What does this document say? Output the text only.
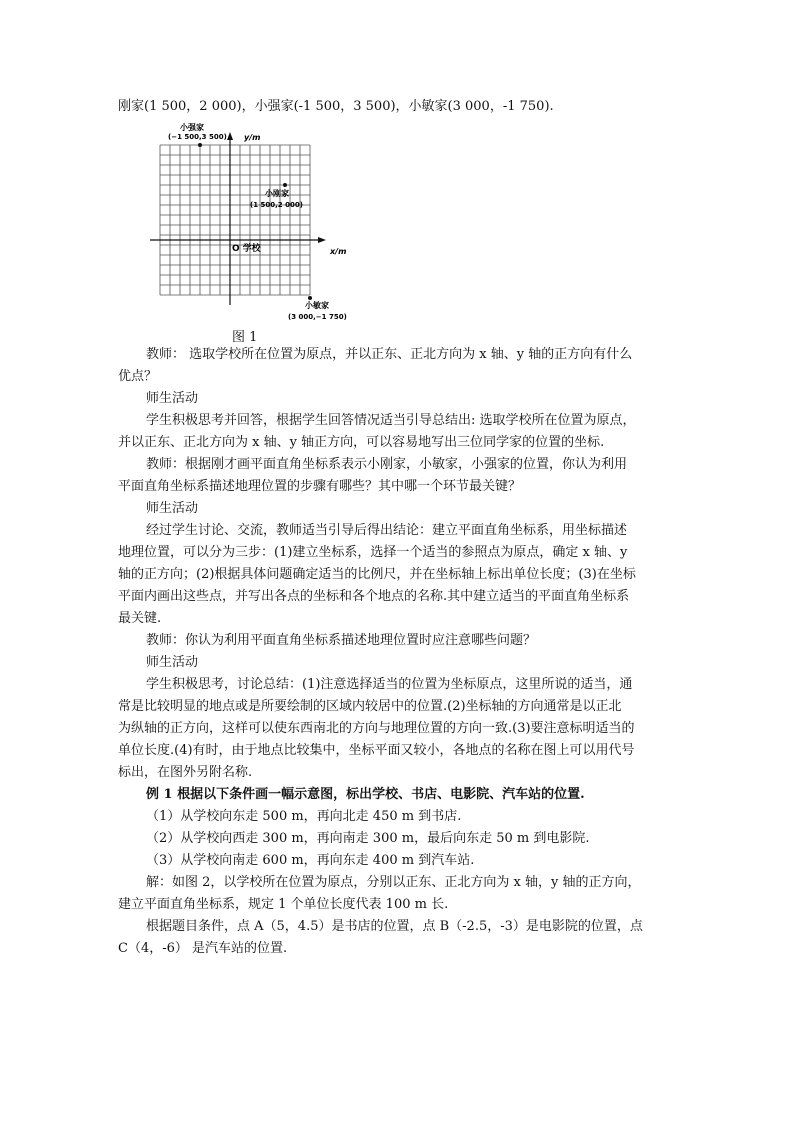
刚家(1 500，2 000)，小强家(-1 500，3 500)，小敏家(3 000，-1 750).
y/m
x/m
O 学校
小强家
(−1 500,3 500)
小刚家
(1 500,2 000)
小敏家
(3 000,−1 750)
图 1
教师： 选取学校所在位置为原点，并以正东、正北方向为 x 轴、y 轴的正方向有什么
优点？
师生活动
学生积极思考并回答，根据学生回答情况适当引导总结出: 选取学校所在位置为原点，
并以正东、正北方向为 x 轴、y 轴正方向，可以容易地写出三位同学家的位置的坐标.
教师：根据刚才画平面直角坐标系表示小刚家，小敏家，小强家的位置，你认为利用
平面直角坐标系描述地理位置的步骤有哪些？其中哪一个环节最关键？
师生活动
经过学生讨论、交流，教师适当引导后得出结论：建立平面直角坐标系，用坐标描述
地理位置，可以分为三步：(1)建立坐标系，选择一个适当的参照点为原点，确定 x 轴、y
轴的正方向；(2)根据具体问题确定适当的比例尺，并在坐标轴上标出单位长度；(3)在坐标
平面内画出这些点，并写出各点的坐标和各个地点的名称.其中建立适当的平面直角坐标系
最关键.
教师：你认为利用平面直角坐标系描述地理位置时应注意哪些问题？
师生活动
学生积极思考，讨论总结：(1)注意选择适当的位置为坐标原点，这里所说的适当，通
常是比较明显的地点或是所要绘制的区域内较居中的位置.(2)坐标轴的方向通常是以正北
为纵轴的正方向，这样可以使东西南北的方向与地理位置的方向一致.(3)要注意标明适当的
单位长度.(4)有时，由于地点比较集中，坐标平面又较小，各地点的名称在图上可以用代号
标出，在图外另附名称.
例 1 根据以下条件画一幅示意图，标出学校、书店、电影院、汽车站的位置.
（1）从学校向东走 500 m，再向北走 450 m 到书店.
（2）从学校向西走 300 m，再向南走 300 m，最后向东走 50 m 到电影院.
（3）从学校向南走 600 m，再向东走 400 m 到汽车站.
解：如图 2，以学校所在位置为原点，分别以正东、正北方向为 x 轴，y 轴的正方向，
建立平面直角坐标系，规定 1 个单位长度代表 100 m 长.
根据题目条件，点 A（5，4.5）是书店的位置，点 B（-2.5，-3）是电影院的位置，点
C（4，-6） 是汽车站的位置.
